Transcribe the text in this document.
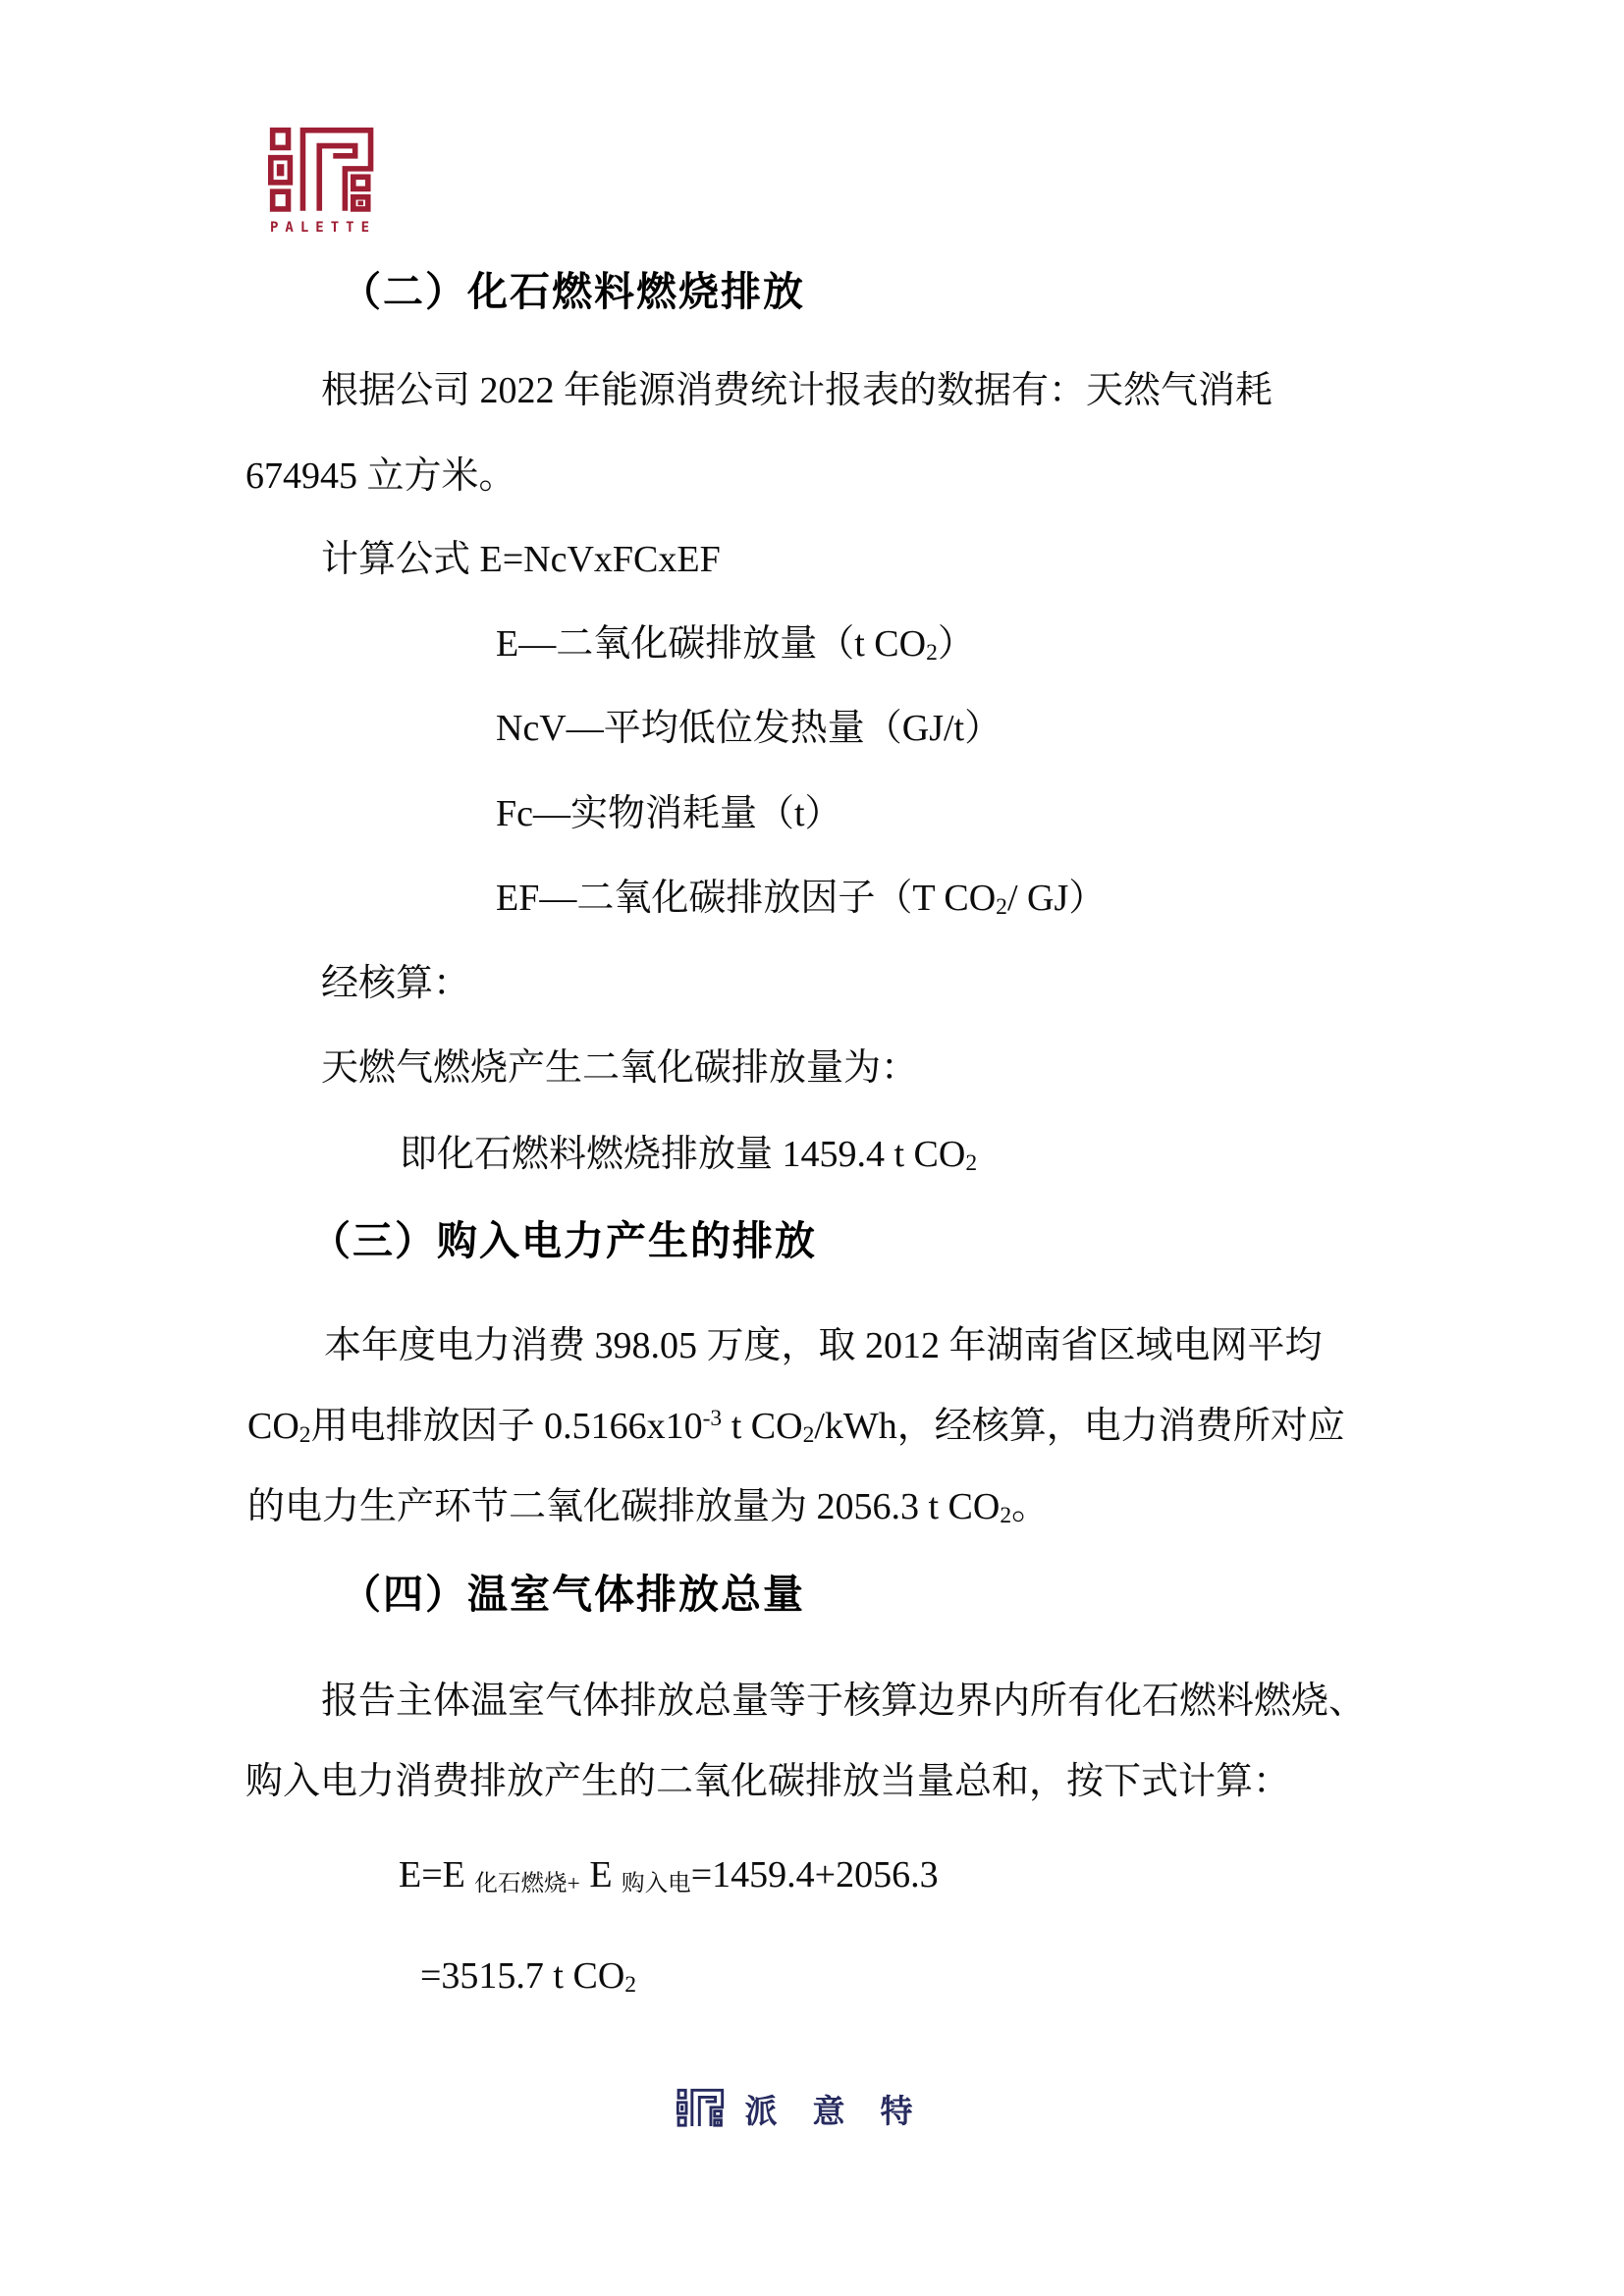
PALETTE
（二）化石燃料燃烧排放
根据公司 2022 年能源消费统计报表的数据有：天然气消耗
674945 立方米。
计算公式 E=NcVxFCxEF
E—二氧化碳排放量（t CO2）
NcV—平均低位发热量（GJ/t）
Fc—实物消耗量（t）
EF—二氧化碳排放因子（T CO2/ GJ）
经核算：
天燃气燃烧产生二氧化碳排放量为：
即化石燃料燃烧排放量 1459.4 t CO2
（三）购入电力产生的排放
本年度电力消费 398.05 万度，取 2012 年湖南省区域电网平均
CO2用电排放因子 $0.5166x10^{-3}$ t CO2/kWh，经核算，电力消费所对应
的电力生产环节二氧化碳排放量为 2056.3 t CO2。
（四）温室气体排放总量
报告主体温室气体排放总量等于核算边界内所有化石燃料燃烧、
购入电力消费排放产生的二氧化碳排放当量总和，按下式计算：
E=E 化石燃烧+ E 购入电=1459.4+2056.3
=3515.7 t CO2
派意特
